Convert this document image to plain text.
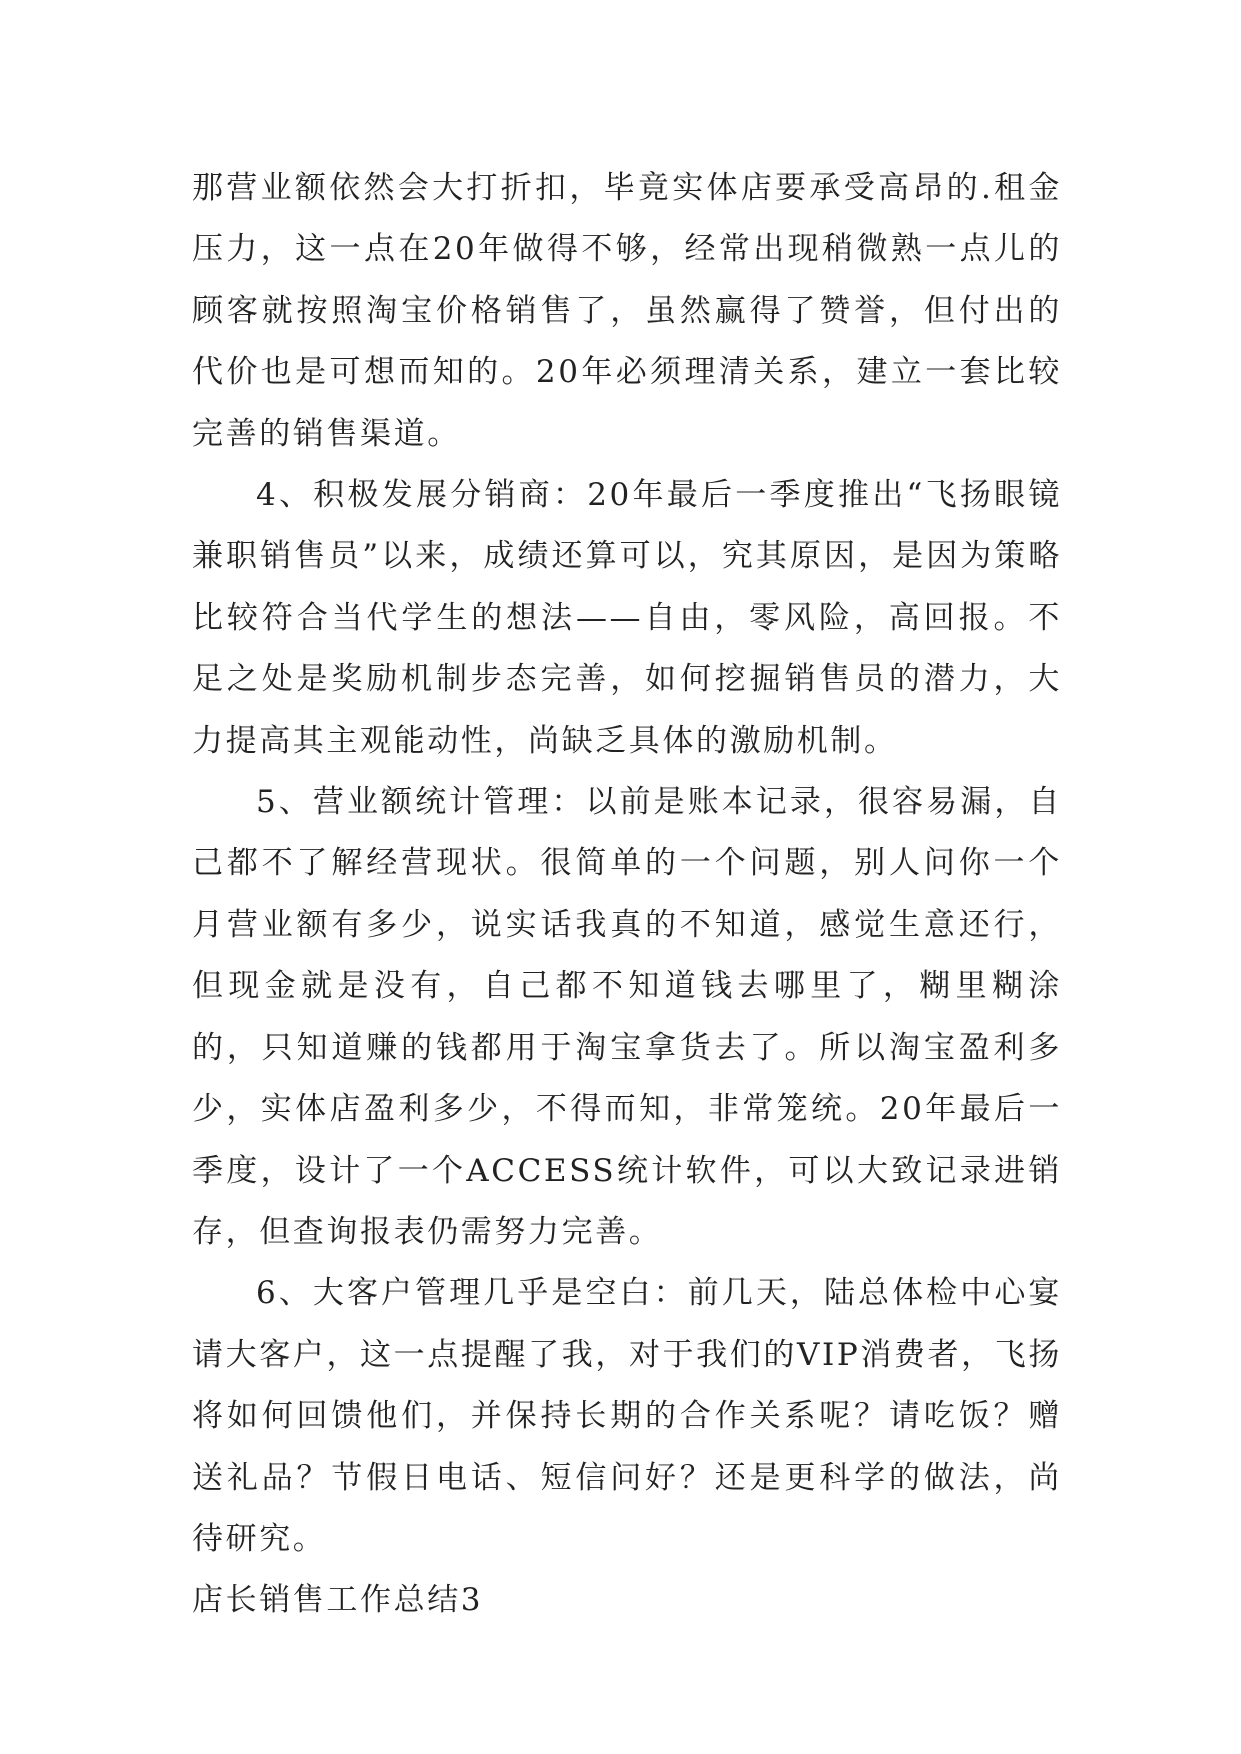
那营业额依然会大打折扣，毕竟实体店要承受高昂的.租金压力，这一点在20年做得不够，经常出现稍微熟一点儿的顾客就按照淘宝价格销售了，虽然赢得了赞誉，但付出的代价也是可想而知的。20年必须理清关系，建立一套比较完善的销售渠道。

4、积极发展分销商：20年最后一季度推出“飞扬眼镜兼职销售员”以来，成绩还算可以，究其原因，是因为策略比较符合当代学生的想法——自由，零风险，高回报。不足之处是奖励机制步态完善，如何挖掘销售员的潜力，大力提高其主观能动性，尚缺乏具体的激励机制。

5、营业额统计管理：以前是账本记录，很容易漏，自己都不了解经营现状。很简单的一个问题，别人问你一个月营业额有多少，说实话我真的不知道，感觉生意还行，但现金就是没有，自己都不知道钱去哪里了，糊里糊涂的，只知道赚的钱都用于淘宝拿货去了。所以淘宝盈利多少，实体店盈利多少，不得而知，非常笼统。20年最后一季度，设计了一个ACCESS统计软件，可以大致记录进销存，但查询报表仍需努力完善。

6、大客户管理几乎是空白：前几天，陆总体检中心宴请大客户，这一点提醒了我，对于我们的VIP消费者，飞扬将如何回馈他们，并保持长期的合作关系呢？请吃饭？赠送礼品？节假日电话、短信问好？还是更科学的做法，尚待研究。

店长销售工作总结3
